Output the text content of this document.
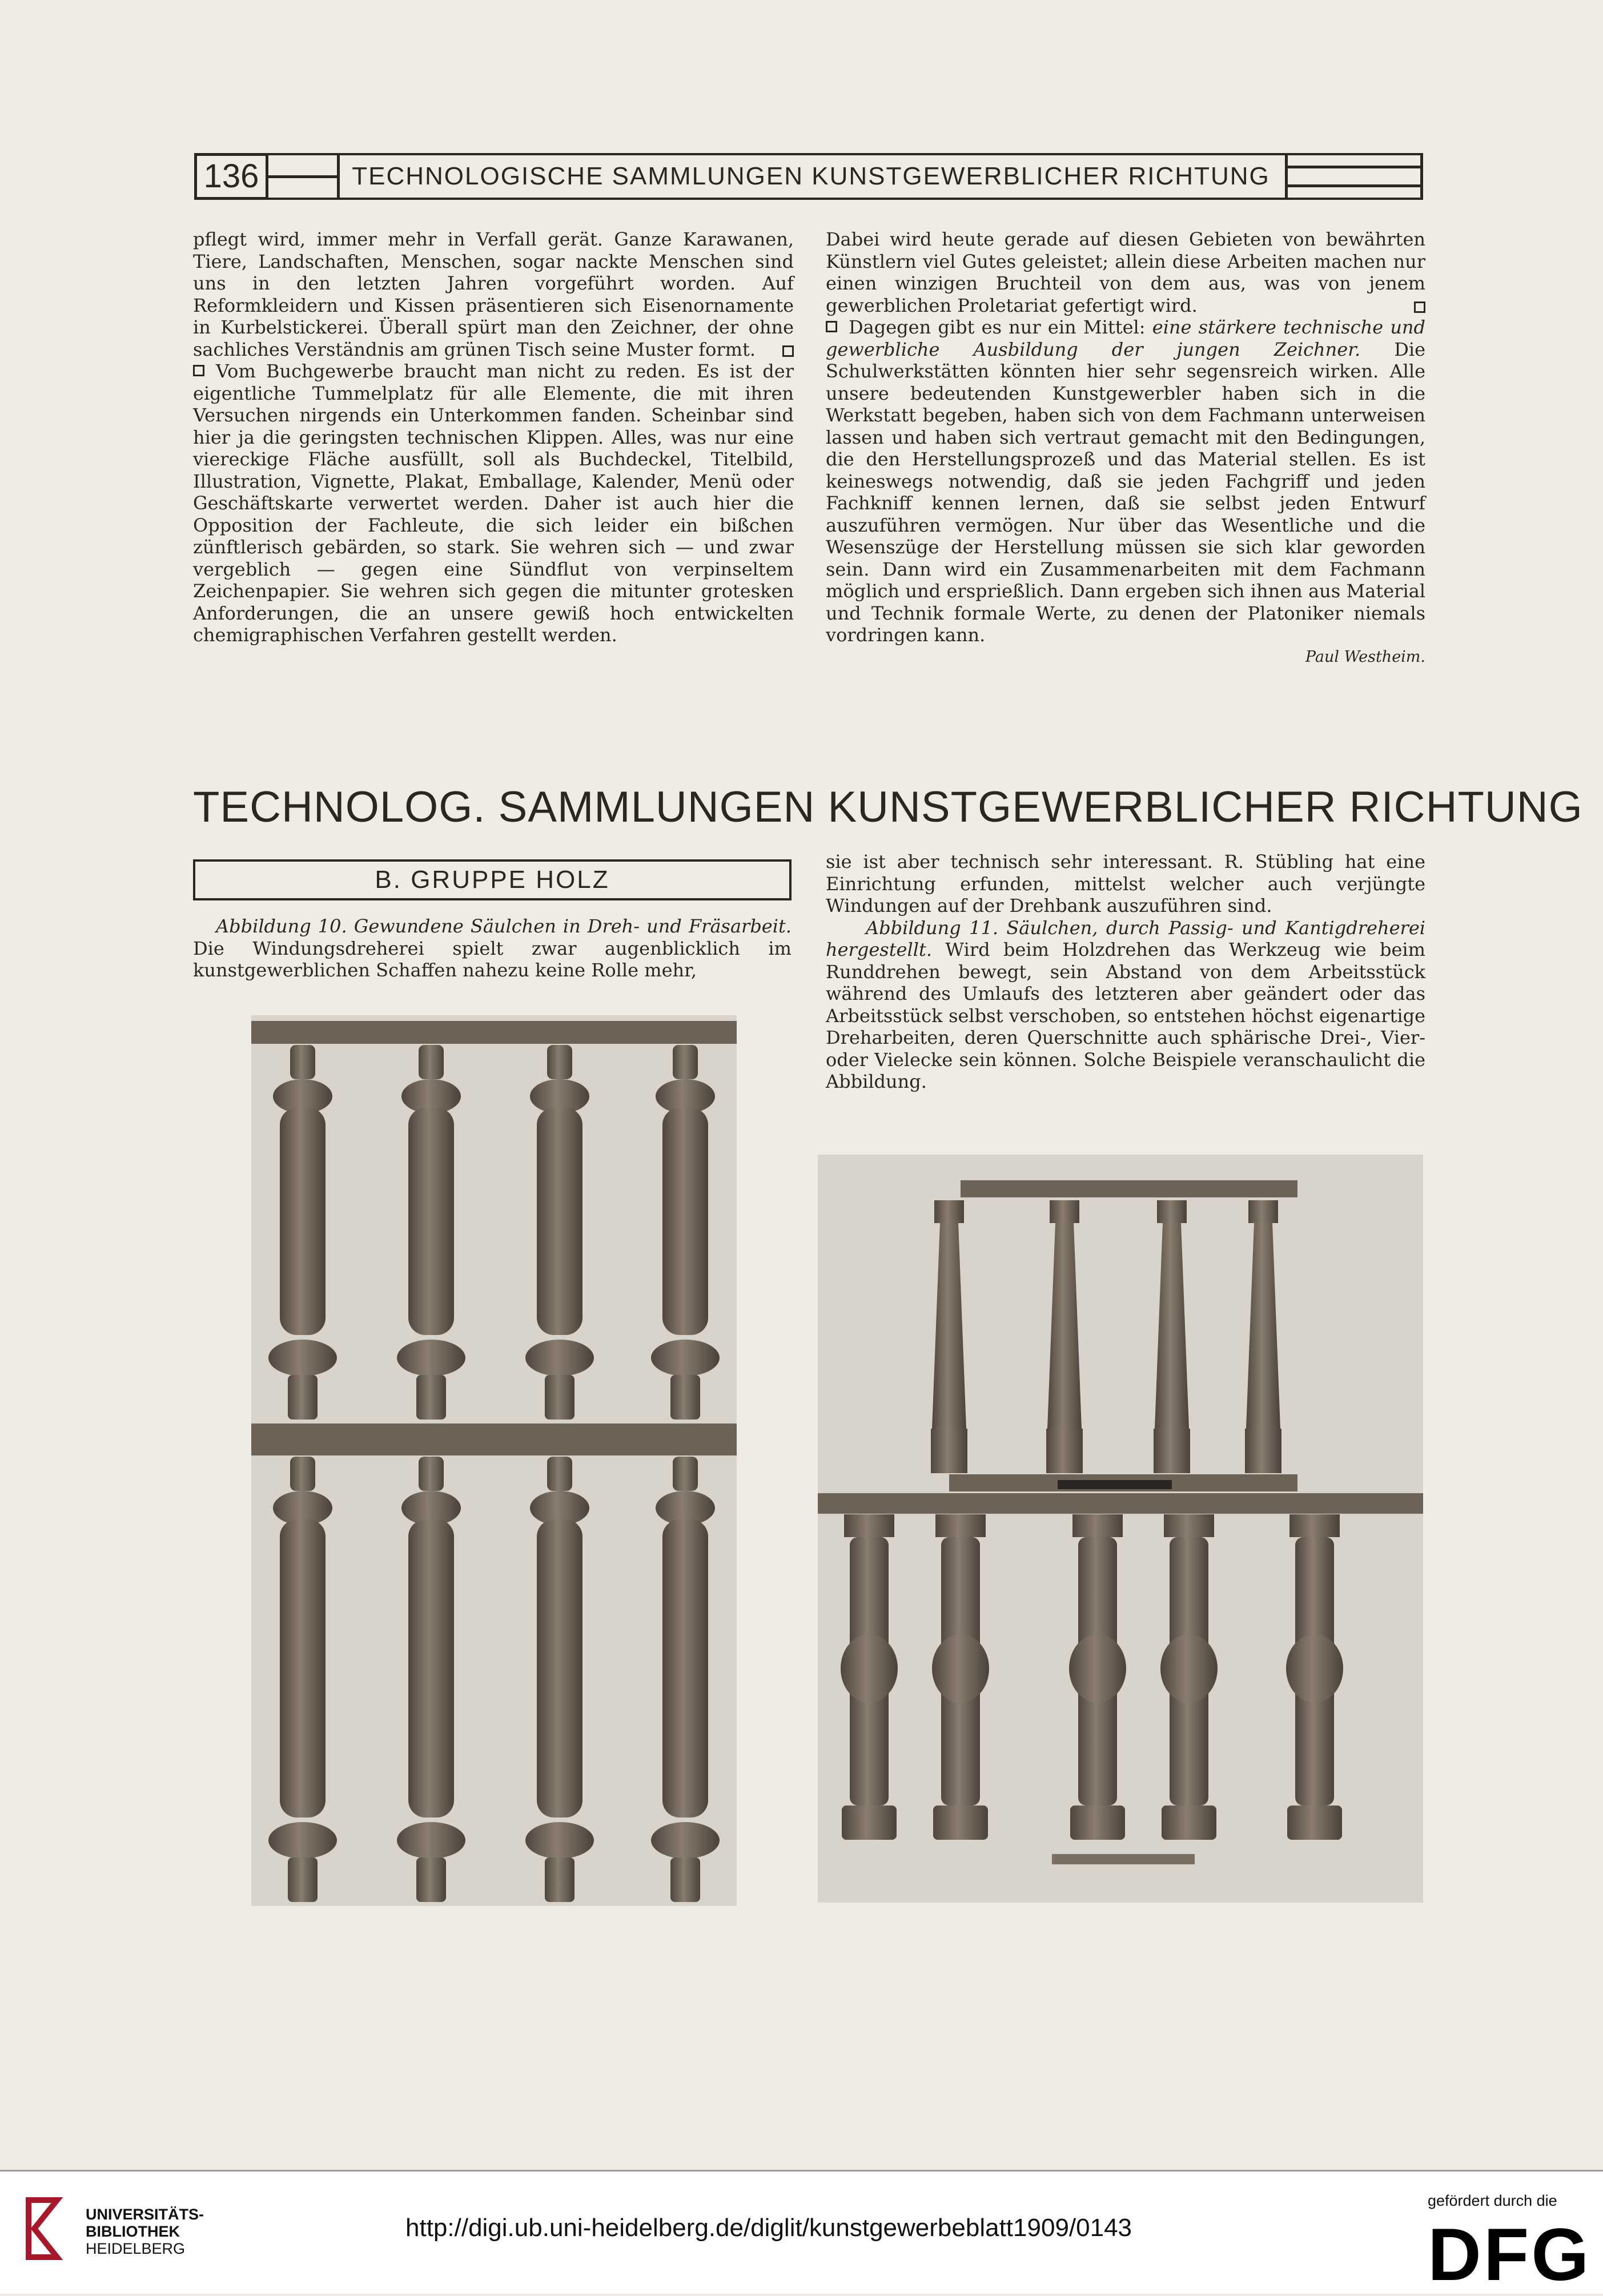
136	TECHNOLOGISCHE SAMMLUNGEN KUNSTGEWERBLICHER RICHTUNG

pflegt wird, immer mehr in Verfall gerät. Ganze Karawanen, Tiere, Landschaften, Menschen, sogar nackte Menschen sind uns in den letzten Jahren vorgeführt worden. Auf Reformkleidern und Kissen präsentieren sich Eisenornamente in Kurbelstickerei. Überall spürt man den Zeichner, der ohne sachliches Verständnis am grünen Tisch seine Muster formt.

Vom Buchgewerbe braucht man nicht zu reden. Es ist der eigentliche Tummelplatz für alle Elemente, die mit ihren Versuchen nirgends ein Unterkommen fanden. Scheinbar sind hier ja die geringsten technischen Klippen. Alles, was nur eine viereckige Fläche ausfüllt, soll als Buchdeckel, Titelbild, Illustration, Vignette, Plakat, Emballage, Kalender, Menü oder Geschäftskarte verwertet werden. Daher ist auch hier die Opposition der Fachleute, die sich leider ein bißchen zünftlerisch gebärden, so stark. Sie wehren sich — und zwar vergeblich — gegen eine Sündflut von verpinseltem Zeichenpapier. Sie wehren sich gegen die mitunter grotesken Anforderungen, die an unsere gewiß hoch entwickelten chemigraphischen Verfahren gestellt werden.

Dabei wird heute gerade auf diesen Gebieten von bewährten Künstlern viel Gutes geleistet; allein diese Arbeiten machen nur einen winzigen Bruchteil von dem aus, was von jenem gewerblichen Proletariat gefertigt wird.

Dagegen gibt es nur ein Mittel: eine stärkere technische und gewerbliche Ausbildung der jungen Zeichner. Die Schulwerkstätten könnten hier sehr segensreich wirken. Alle unsere bedeutenden Kunstgewerbler haben sich in die Werkstatt begeben, haben sich von dem Fachmann unterweisen lassen und haben sich vertraut gemacht mit den Bedingungen, die den Herstellungsprozeß und das Material stellen. Es ist keineswegs notwendig, daß sie jeden Fachgriff und jeden Fachkniff kennen lernen, daß sie selbst jeden Entwurf auszuführen vermögen. Nur über das Wesentliche und die Wesenszüge der Herstellung müssen sie sich klar geworden sein. Dann wird ein Zusammenarbeiten mit dem Fachmann möglich und ersprießlich. Dann ergeben sich ihnen aus Material und Technik formale Werte, zu denen der Platoniker niemals vordringen kann.

Paul Westheim.

TECHNOLOG. SAMMLUNGEN KUNSTGEWERBLICHER RICHTUNG
B. GRUPPE HOLZ

Abbildung 10. Gewundene Säulchen in Dreh- und Fräsarbeit. Die Windungsdreherei spielt zwar augenblicklich im kunstgewerblichen Schaffen nahezu keine Rolle mehr,

sie ist aber technisch sehr interessant. R. Stübling hat eine Einrichtung erfunden, mittelst welcher auch verjüngte Windungen auf der Drehbank auszuführen sind.

Abbildung 11. Säulchen, durch Passig- und Kantigdreherei hergestellt. Wird beim Holzdrehen das Werkzeug wie beim Runddrehen bewegt, sein Abstand von dem Arbeitsstück während des Umlaufs des letzteren aber geändert oder das Arbeitsstück selbst verschoben, so entstehen höchst eigenartige Dreharbeiten, deren Querschnitte auch sphärische Drei-, Vier- oder Vielecke sein können. Solche Beispiele veranschaulicht die Abbildung.

UNIVERSITÄTS-
BIBLIOTHEK
HEIDELBERG
http://digi.ub.uni-heidelberg.de/diglit/kunstgewerbeblatt1909/0143
gefördert durch die
DFG
